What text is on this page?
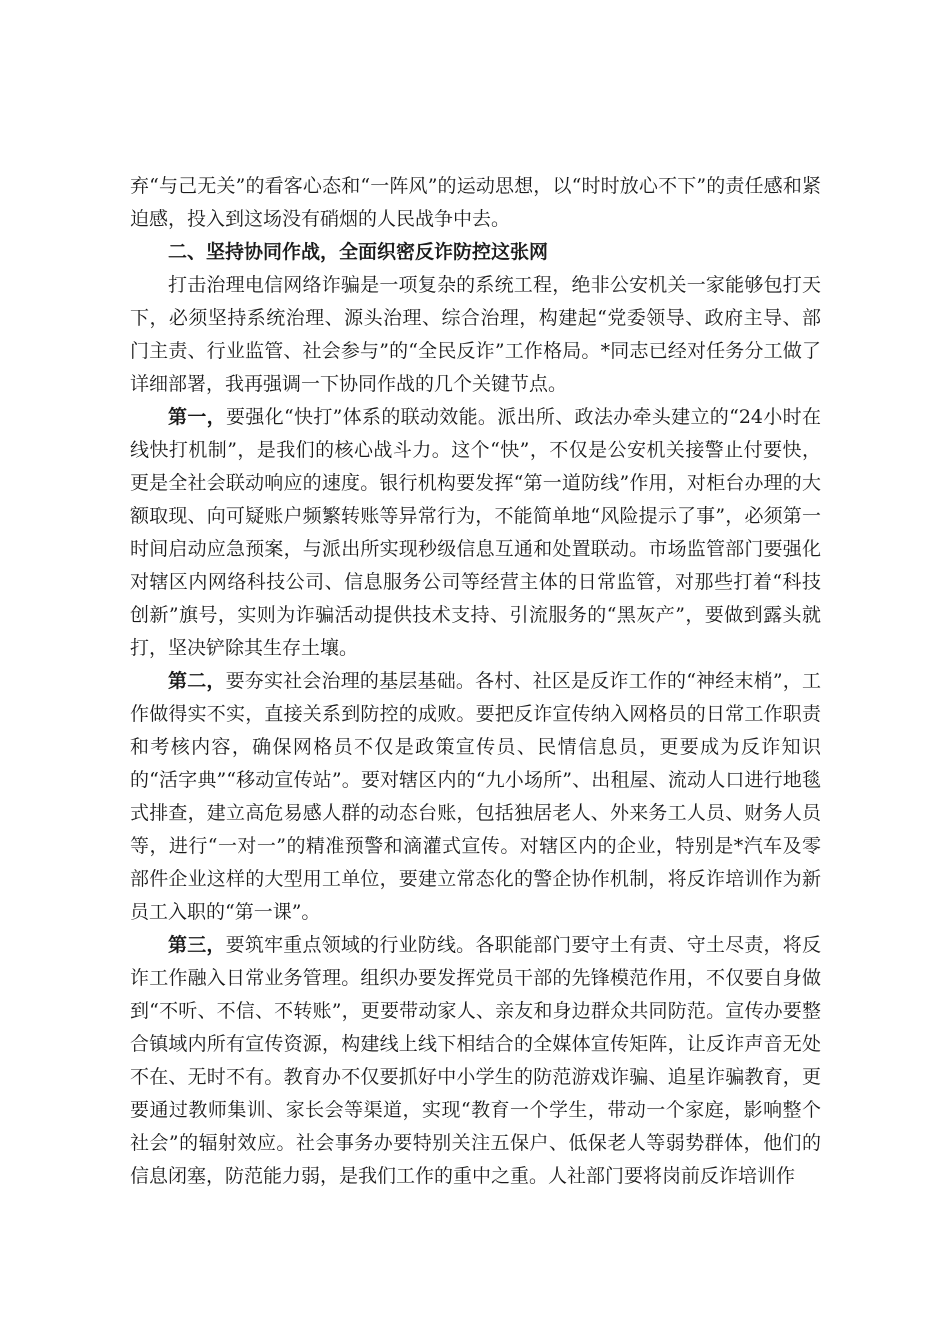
弃“与己无关”的看客心态和“一阵风”的运动思想，以“时时放心不下”的责任感和紧迫感，投入到这场没有硝烟的人民战争中去。

二、坚持协同作战，全面织密反诈防控这张网

打击治理电信网络诈骗是一项复杂的系统工程，绝非公安机关一家能够包打天下，必须坚持系统治理、源头治理、综合治理，构建起“党委领导、政府主导、部门主责、行业监管、社会参与”的“全民反诈”工作格局。*同志已经对任务分工做了详细部署，我再强调一下协同作战的几个关键节点。

第一，要强化“快打”体系的联动效能。派出所、政法办牵头建立的“24小时在线快打机制”，是我们的核心战斗力。这个“快”，不仅是公安机关接警止付要快，更是全社会联动响应的速度。银行机构要发挥“第一道防线”作用，对柜台办理的大额取现、向可疑账户频繁转账等异常行为，不能简单地“风险提示了事”，必须第一时间启动应急预案，与派出所实现秒级信息互通和处置联动。市场监管部门要强化对辖区内网络科技公司、信息服务公司等经营主体的日常监管，对那些打着“科技创新”旗号，实则为诈骗活动提供技术支持、引流服务的“黑灰产”，要做到露头就打，坚决铲除其生存土壤。

第二，要夯实社会治理的基层基础。各村、社区是反诈工作的“神经末梢”，工作做得实不实，直接关系到防控的成败。要把反诈宣传纳入网格员的日常工作职责和考核内容，确保网格员不仅是政策宣传员、民情信息员，更要成为反诈知识的“活字典”“移动宣传站”。要对辖区内的“九小场所”、出租屋、流动人口进行地毯式排查，建立高危易感人群的动态台账，包括独居老人、外来务工人员、财务人员等，进行“一对一”的精准预警和滴灌式宣传。对辖区内的企业，特别是*汽车及零部件企业这样的大型用工单位，要建立常态化的警企协作机制，将反诈培训作为新员工入职的“第一课”。

第三，要筑牢重点领域的行业防线。各职能部门要守土有责、守土尽责，将反诈工作融入日常业务管理。组织办要发挥党员干部的先锋模范作用，不仅要自身做到“不听、不信、不转账”，更要带动家人、亲友和身边群众共同防范。宣传办要整合镇域内所有宣传资源，构建线上线下相结合的全媒体宣传矩阵，让反诈声音无处不在、无时不有。教育办不仅要抓好中小学生的防范游戏诈骗、追星诈骗教育，更要通过教师集训、家长会等渠道，实现“教育一个学生，带动一个家庭，影响整个社会”的辐射效应。社会事务办要特别关注五保户、低保老人等弱势群体，他们的信息闭塞，防范能力弱，是我们工作的重中之重。人社部门要将岗前反诈培训作
